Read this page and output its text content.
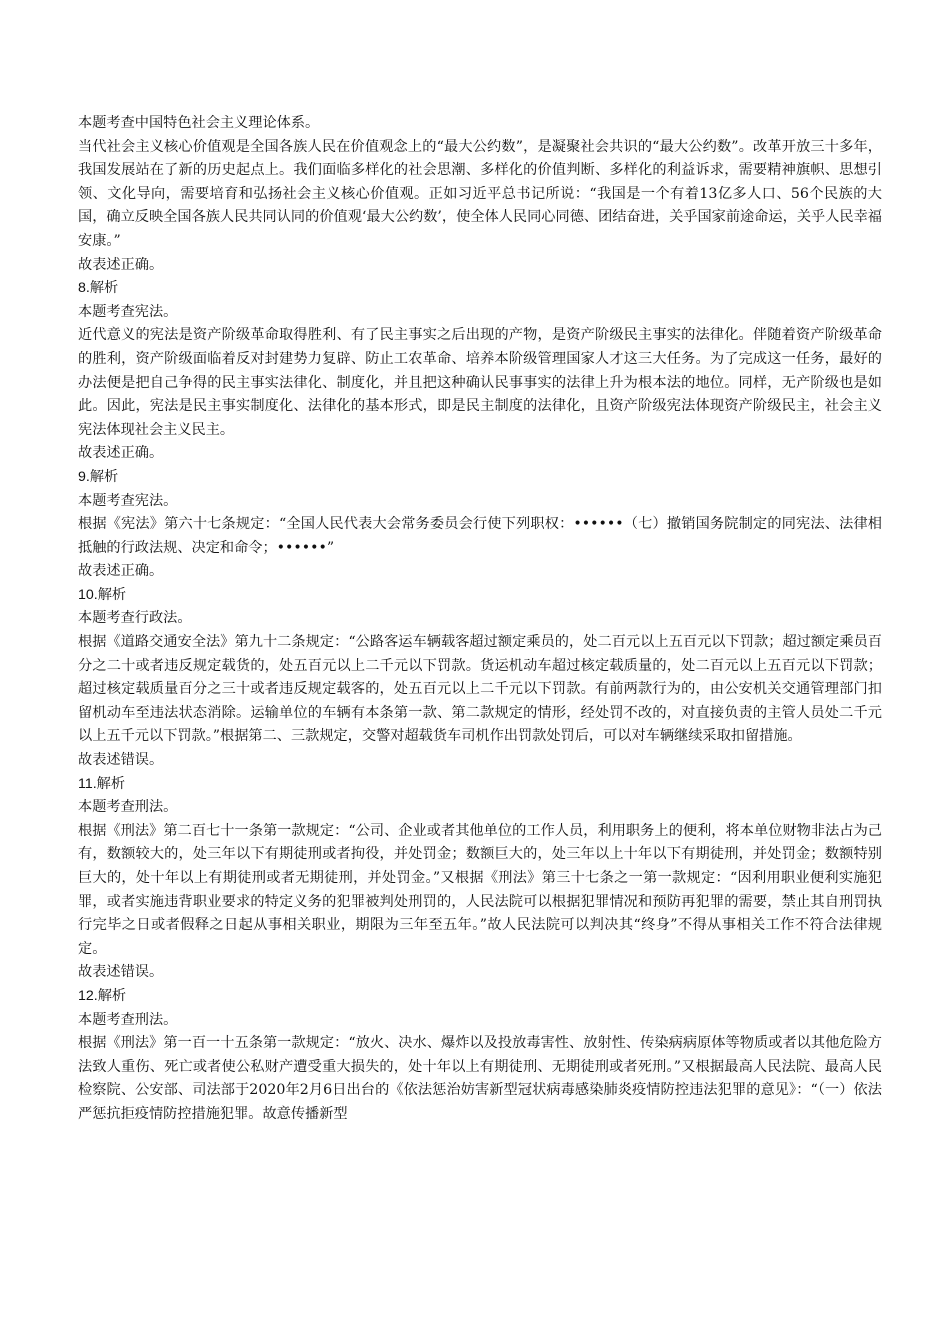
本题考查中国特色社会主义理论体系。

当代社会主义核心价值观是全国各族人民在价值观念上的“最大公约数”，是凝聚社会共识的“最大公约数”。改革开放三十多年，我国发展站在了新的历史起点上。我们面临多样化的社会思潮、多样化的价值判断、多样化的利益诉求，需要精神旗帜、思想引领、文化导向，需要培育和弘扬社会主义核心价值观。正如习近平总书记所说：“我国是一个有着13亿多人口、56个民族的大国，确立反映全国各族人民共同认同的价值观‘最大公约数’，使全体人民同心同德、团结奋进，关乎国家前途命运，关乎人民幸福安康。”

故表述正确。

8.解析

本题考查宪法。

近代意义的宪法是资产阶级革命取得胜利、有了民主事实之后出现的产物，是资产阶级民主事实的法律化。伴随着资产阶级革命的胜利，资产阶级面临着反对封建势力复辟、防止工农革命、培养本阶级管理国家人才这三大任务。为了完成这一任务，最好的办法便是把自己争得的民主事实法律化、制度化，并且把这种确认民事事实的法律上升为根本法的地位。同样，无产阶级也是如此。因此，宪法是民主事实制度化、法律化的基本形式，即是民主制度的法律化，且资产阶级宪法体现资产阶级民主，社会主义宪法体现社会主义民主。

故表述正确。

9.解析

本题考查宪法。

根据《宪法》第六十七条规定：“全国人民代表大会常务委员会行使下列职权：••••••（七）撤销国务院制定的同宪法、法律相抵触的行政法规、决定和命令；••••••”

故表述正确。

10.解析

本题考查行政法。

根据《道路交通安全法》第九十二条规定：“公路客运车辆载客超过额定乘员的，处二百元以上五百元以下罚款；超过额定乘员百分之二十或者违反规定载货的，处五百元以上二千元以下罚款。货运机动车超过核定载质量的，处二百元以上五百元以下罚款；超过核定载质量百分之三十或者违反规定载客的，处五百元以上二千元以下罚款。有前两款行为的，由公安机关交通管理部门扣留机动车至违法状态消除。运输单位的车辆有本条第一款、第二款规定的情形，经处罚不改的，对直接负责的主管人员处二千元以上五千元以下罚款。”根据第二、三款规定，交警对超载货车司机作出罚款处罚后，可以对车辆继续采取扣留措施。

故表述错误。

11.解析

本题考查刑法。

根据《刑法》第二百七十一条第一款规定：“公司、企业或者其他单位的工作人员，利用职务上的便利，将本单位财物非法占为己有，数额较大的，处三年以下有期徒刑或者拘役，并处罚金；数额巨大的，处三年以上十年以下有期徒刑，并处罚金；数额特别巨大的，处十年以上有期徒刑或者无期徒刑，并处罚金。”又根据《刑法》第三十七条之一第一款规定：“因利用职业便利实施犯罪，或者实施违背职业要求的特定义务的犯罪被判处刑罚的，人民法院可以根据犯罪情况和预防再犯罪的需要，禁止其自刑罚执行完毕之日或者假释之日起从事相关职业，期限为三年至五年。”故人民法院可以判决其“终身”不得从事相关工作不符合法律规定。

故表述错误。

12.解析

本题考查刑法。

根据《刑法》第一百一十五条第一款规定：“放火、决水、爆炸以及投放毒害性、放射性、传染病病原体等物质或者以其他危险方法致人重伤、死亡或者使公私财产遭受重大损失的，处十年以上有期徒刑、无期徒刑或者死刑。”又根据最高人民法院、最高人民检察院、公安部、司法部于2020年2月6日出台的《依法惩治妨害新型冠状病毒感染肺炎疫情防控违法犯罪的意见》：“（一）依法严惩抗拒疫情防控措施犯罪。故意传播新型
